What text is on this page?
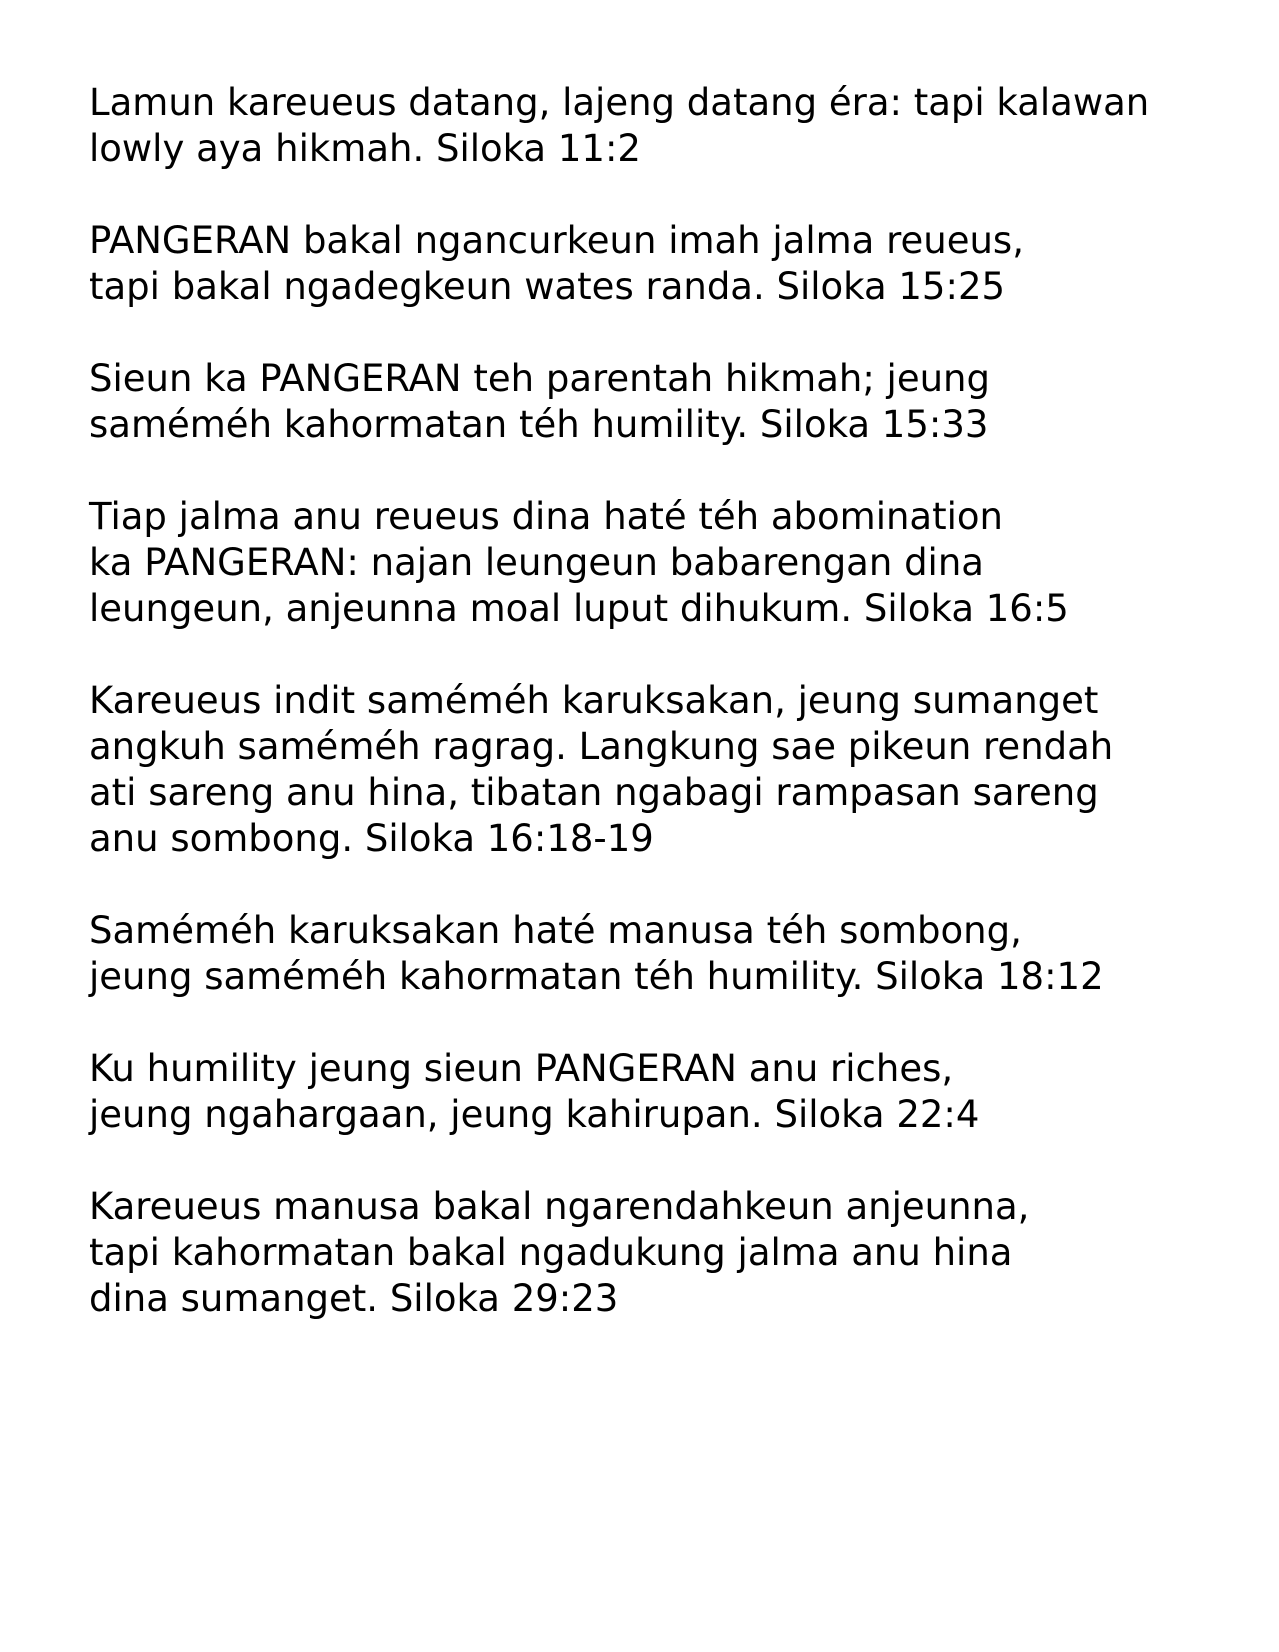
Lamun kareueus datang, lajeng datang éra: tapi kalawan
lowly aya hikmah. Siloka 11:2

PANGERAN bakal ngancurkeun imah jalma reueus,
tapi bakal ngadegkeun wates randa. Siloka 15:25

Sieun ka PANGERAN teh parentah hikmah; jeung
saméméh kahormatan téh humility. Siloka 15:33

Tiap jalma anu reueus dina haté téh abomination
ka PANGERAN: najan leungeun babarengan dina
leungeun, anjeunna moal luput dihukum. Siloka 16:5

Kareueus indit saméméh karuksakan, jeung sumanget
angkuh saméméh ragrag. Langkung sae pikeun rendah
ati sareng anu hina, tibatan ngabagi rampasan sareng
anu sombong. Siloka 16:18-19

Saméméh karuksakan haté manusa téh sombong,
jeung saméméh kahormatan téh humility. Siloka 18:12

Ku humility jeung sieun PANGERAN anu riches,
jeung ngahargaan, jeung kahirupan. Siloka 22:4

Kareueus manusa bakal ngarendahkeun anjeunna,
tapi kahormatan bakal ngadukung jalma anu hina
dina sumanget. Siloka 29:23
